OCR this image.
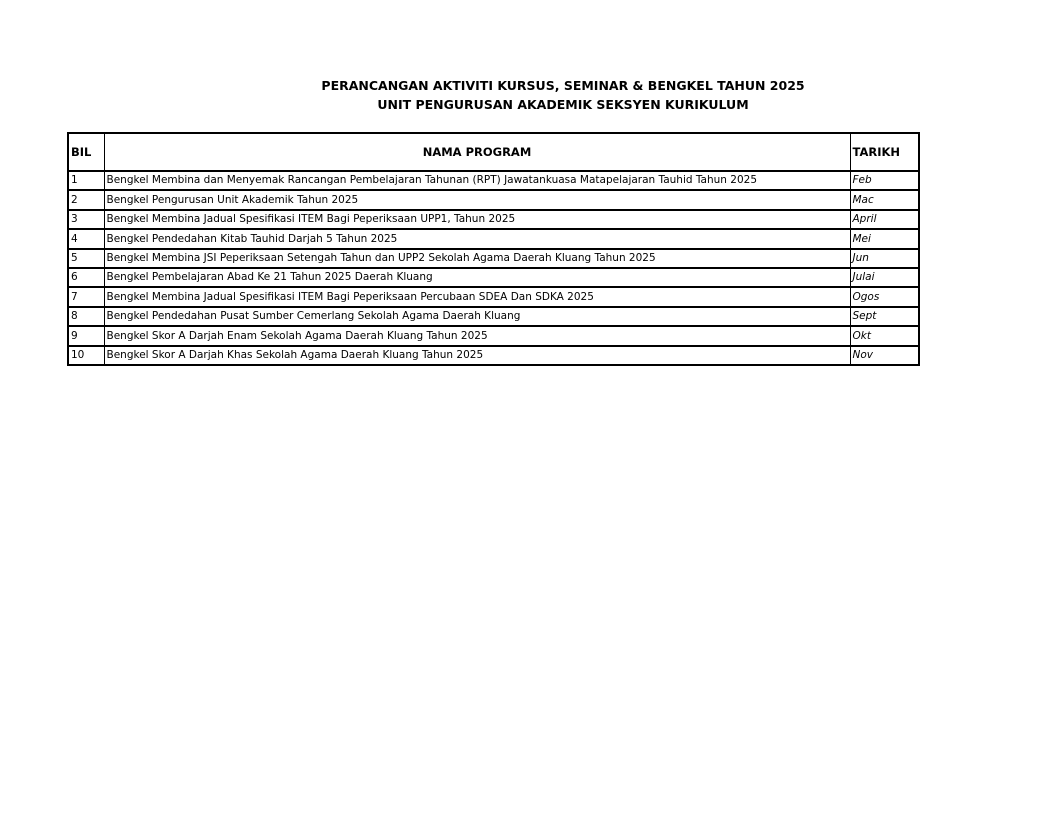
PERANCANGAN AKTIVITI KURSUS, SEMINAR & BENGKEL TAHUN 2025
UNIT PENGURUSAN AKADEMIK SEKSYEN KURIKULUM
BIL	NAMA PROGRAM	TARIKH
1	Bengkel Membina dan Menyemak Rancangan Pembelajaran Tahunan (RPT) Jawatankuasa Matapelajaran Tauhid Tahun 2025	Feb
2	Bengkel Pengurusan Unit Akademik Tahun 2025	Mac
3	Bengkel Membina Jadual Spesifikasi ITEM Bagi Peperiksaan UPP1, Tahun 2025	April
4	Bengkel Pendedahan Kitab Tauhid Darjah 5 Tahun 2025	Mei
5	Bengkel Membina JSI Peperiksaan Setengah Tahun dan UPP2 Sekolah Agama Daerah Kluang Tahun 2025	Jun
6	Bengkel Pembelajaran Abad Ke 21 Tahun 2025 Daerah Kluang	Julai
7	Bengkel Membina Jadual Spesifikasi ITEM Bagi Peperiksaan Percubaan SDEA Dan SDKA 2025	Ogos
8	Bengkel Pendedahan Pusat Sumber Cemerlang Sekolah Agama Daerah Kluang	Sept
9	Bengkel Skor A Darjah Enam Sekolah Agama Daerah Kluang Tahun 2025	Okt
10	Bengkel Skor A Darjah Khas Sekolah Agama Daerah Kluang Tahun 2025	Nov
